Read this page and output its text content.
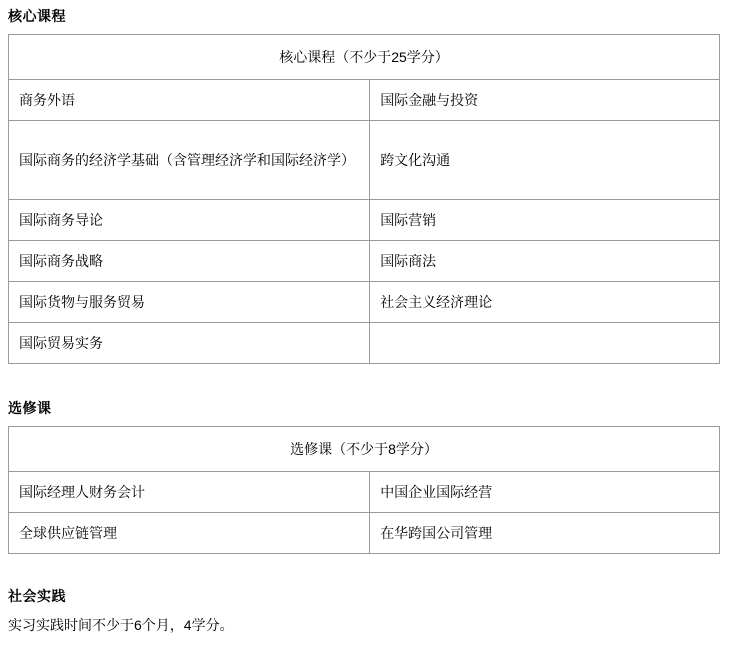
核心课程
核心课程（不少于25学分）	
商务外语	国际金融与投资
国际商务的经济学基础（含管理经济学和国际经济学）	跨文化沟通
国际商务导论	国际营销
国际商务战略	国际商法
国际货物与服务贸易	社会主义经济理论
国际贸易实务	
选修课
选修课（不少于8学分）	
国际经理人财务会计	中国企业国际经营
全球供应链管理	在华跨国公司管理
社会实践

实习实践时间不少于6个月，4学分。
